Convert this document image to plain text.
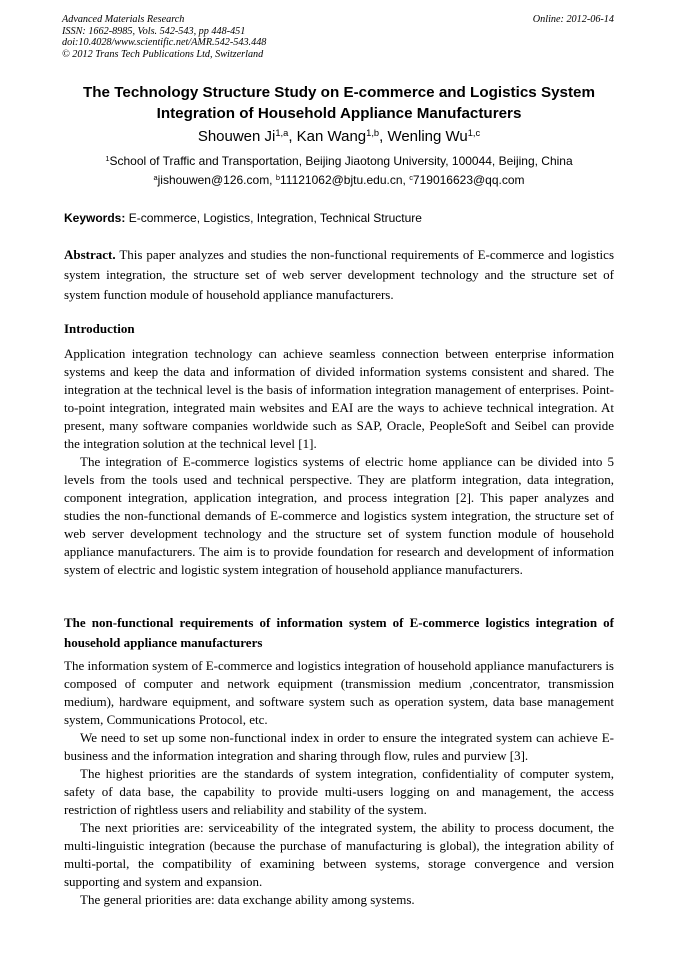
Advanced Materials Research
ISSN: 1662-8985, Vols. 542-543, pp 448-451
doi:10.4028/www.scientific.net/AMR.542-543.448
© 2012 Trans Tech Publications Ltd, Switzerland
Online: 2012-06-14
The Technology Structure Study on E-commerce and Logistics System
Integration of Household Appliance Manufacturers
Shouwen Ji$^{1,a}$, Kan Wang$^{1,b}$, Wenling Wu$^{1,c}$
$^1$School of Traffic and Transportation, Beijing Jiaotong University, 100044, Beijing, China
$^a$jishouwen@126.com, $^b$11121062@bjtu.edu.cn, $^c$719016623@qq.com
Keywords: E-commerce, Logistics, Integration, Technical Structure
Abstract. This paper analyzes and studies the non-functional requirements of E-commerce and logistics system integration, the structure set of web server development technology and the structure set of system function module of household appliance manufacturers.
Introduction

Application integration technology can achieve seamless connection between enterprise information systems and keep the data and information of divided information systems consistent and shared. The integration at the technical level is the basis of information integration management of enterprises. Point-to-point integration, integrated main websites and EAI are the ways to achieve technical integration. At present, many software companies worldwide such as SAP, Oracle, PeopleSoft and Seibel can provide the integration solution at the technical level [1].

The integration of E-commerce logistics systems of electric home appliance can be divided into 5 levels from the tools used and technical perspective. They are platform integration, data integration, component integration, application integration, and process integration [2]. This paper analyzes and studies the non-functional demands of E-commerce and logistics system integration, the structure set of web server development technology and the structure set of system function module of household appliance manufacturers. The aim is to provide foundation for research and development of information system of electric and logistic system integration of household appliance manufacturers.

The non-functional requirements of information system of E-commerce logistics integration of household appliance manufacturers

The information system of E-commerce and logistics integration of household appliance manufacturers is composed of computer and network equipment (transmission medium ,concentrator, transmission medium), hardware equipment, and software system such as operation system, data base management system, Communications Protocol, etc.

We need to set up some non-functional index in order to ensure the integrated system can achieve E-business and the information integration and sharing through flow, rules and purview [3].

The highest priorities are the standards of system integration, confidentiality of computer system, safety of data base, the capability to provide multi-users logging on and management, the access restriction of rightless users and reliability and stability of the system.

The next priorities are: serviceability of the integrated system, the ability to process document, the multi-linguistic integration (because the purchase of manufacturing is global), the integration ability of multi-portal, the compatibility of examining between systems, storage convergence and version supporting and system and expansion.

The general priorities are: data exchange ability among systems.
